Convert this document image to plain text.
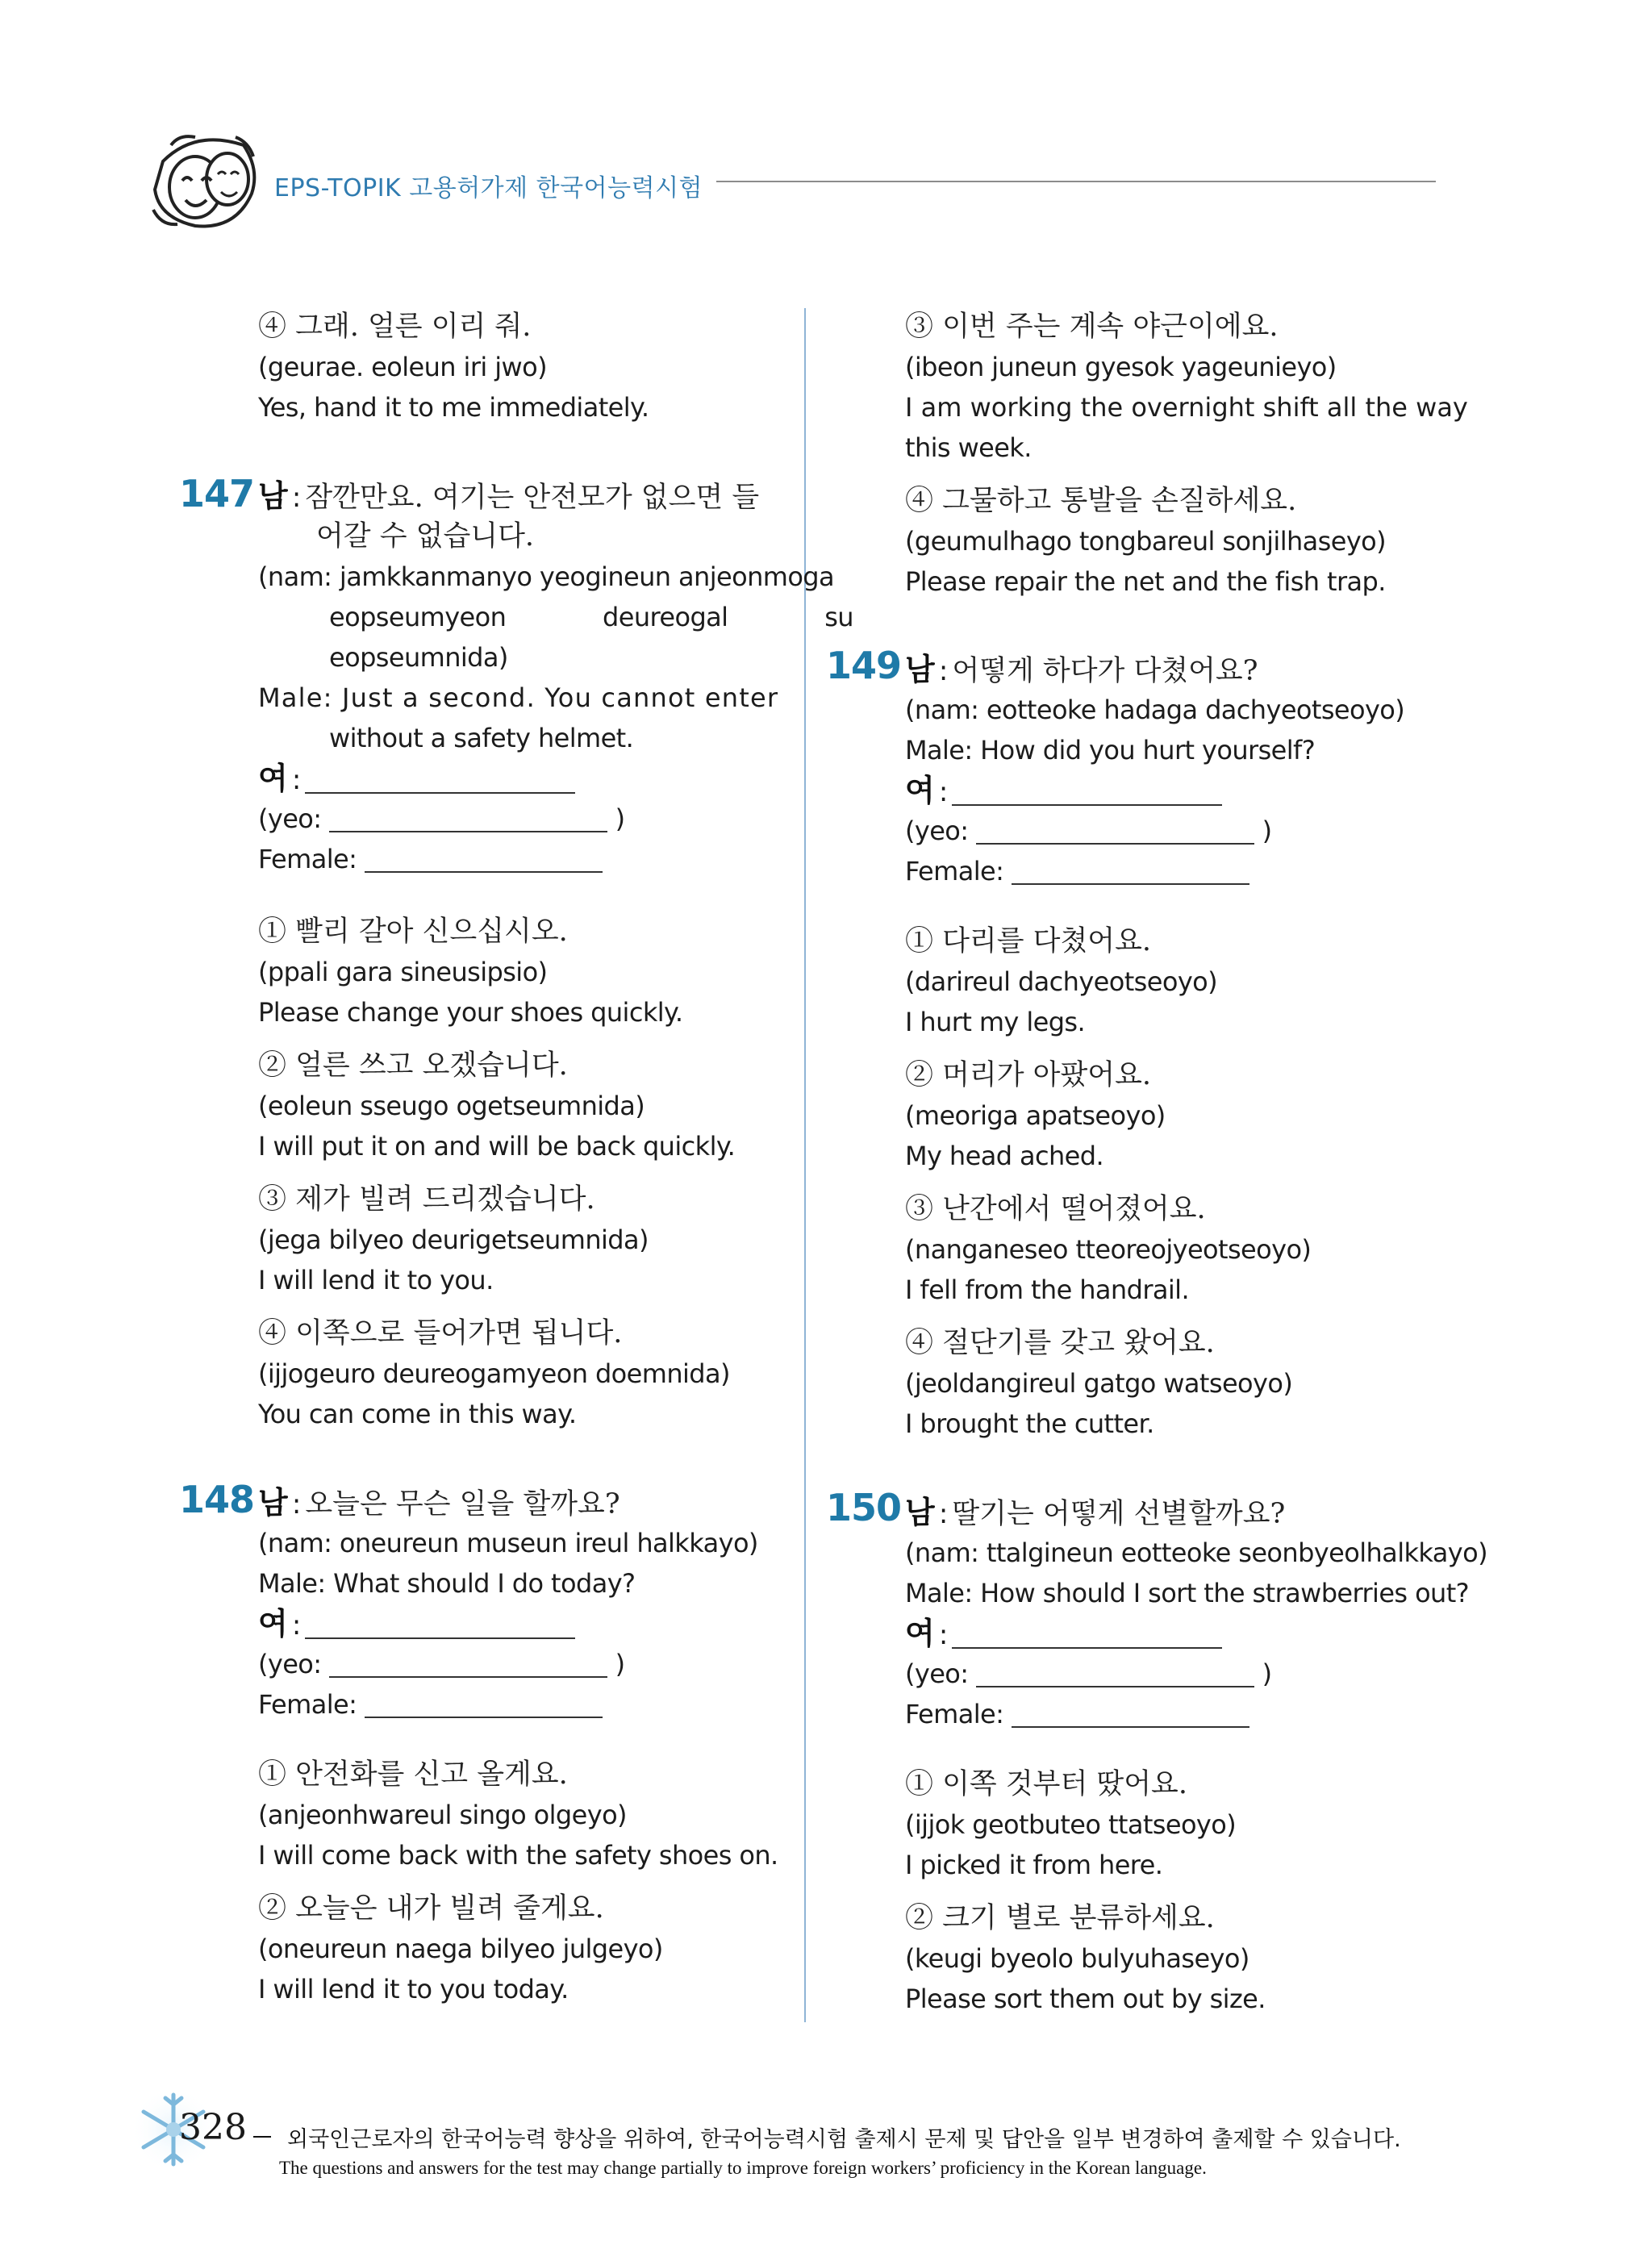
EPS-TOPIK 고용허가제 한국어능력시험
④ 그래. 얼른 이리 줘.
(geurae. eoleun iri jwo)
Yes, hand it to me immediately.
147 남 : 잠깐만요. 여기는 안전모가 없으면 들
어갈 수 없습니다.
(nam: jamkkanmanyo yeogineun anjeonmoga
eopseumyeon	deureogal	su
eopseumnida)
Male: Just a second. You cannot enter
without a safety helmet.
여 :
(yeo:	)
Female:
① 빨리 갈아 신으십시오.
(ppali gara sineusipsio)
Please change your shoes quickly.
② 얼른 쓰고 오겠습니다.
(eoleun sseugo ogetseumnida)
I will put it on and will be back quickly.
③ 제가 빌려 드리겠습니다.
(jega bilyeo deurigetseumnida)
I will lend it to you.
④ 이쪽으로 들어가면 됩니다.
(ijjogeuro deureogamyeon doemnida)
You can come in this way.
148 남 : 오늘은 무슨 일을 할까요?
(nam: oneureun museun ireul halkkayo)
Male: What should I do today?
여 :
(yeo:	)
Female:
① 안전화를 신고 올게요.
(anjeonhwareul singo olgeyo)
I will come back with the safety shoes on.
② 오늘은 내가 빌려 줄게요.
(oneureun naega bilyeo julgeyo)
I will lend it to you today.
③ 이번 주는 계속 야근이에요.
(ibeon juneun gyesok yageunieyo)
I am working the overnight shift all the way
this week.
④ 그물하고 통발을 손질하세요.
(geumulhago tongbareul sonjilhaseyo)
Please repair the net and the fish trap.
149 남 : 어떻게 하다가 다쳤어요?
(nam: eotteoke hadaga dachyeotseoyo)
Male: How did you hurt yourself?
여 :
(yeo:	)
Female:
① 다리를 다쳤어요.
(darireul dachyeotseoyo)
I hurt my legs.
② 머리가 아팠어요.
(meoriga apatseoyo)
My head ached.
③ 난간에서 떨어졌어요.
(nanganeseo tteoreojyeotseoyo)
I fell from the handrail.
④ 절단기를 갖고 왔어요.
(jeoldangireul gatgo watseoyo)
I brought the cutter.
150 남 : 딸기는 어떻게 선별할까요?
(nam: ttalgineun eotteoke seonbyeolhalkkayo)
Male: How should I sort the strawberries out?
여 :
(yeo:	)
Female:
① 이쪽 것부터 땄어요.
(ijjok geotbuteo ttatseoyo)
I picked it from here.
② 크기 별로 분류하세요.
(keugi byeolo bulyuhaseyo)
Please sort them out by size.
328 외국인근로자의 한국어능력 향상을 위하여, 한국어능력시험 출제시 문제 및 답안을 일부 변경하여 출제할 수 있습니다.
The questions and answers for the test may change partially to improve foreign workers’ proficiency in the Korean language.
